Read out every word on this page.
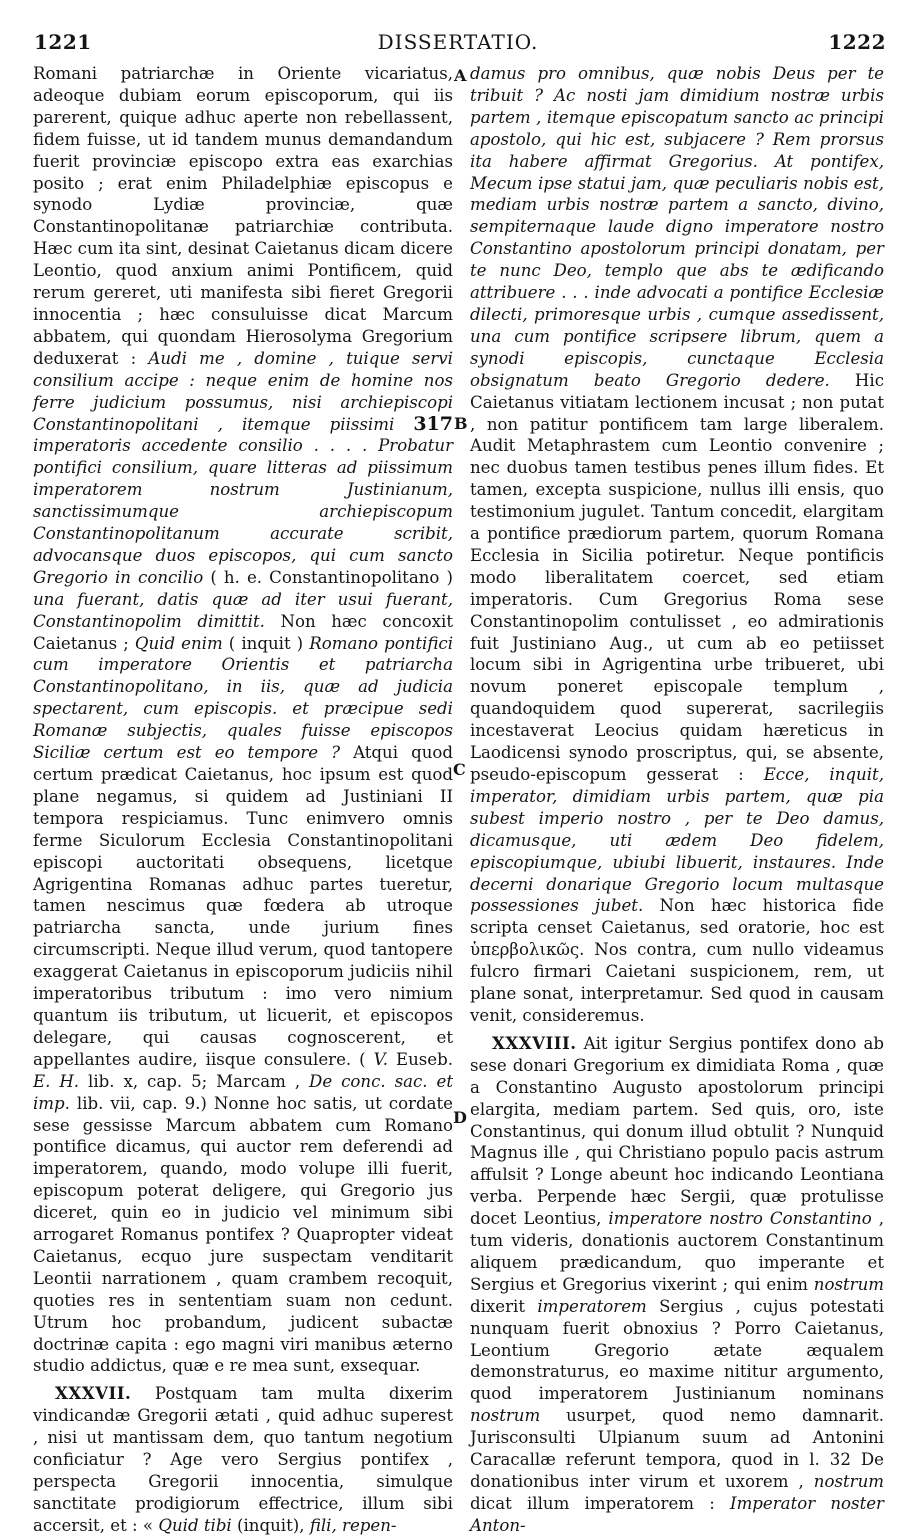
1221	DISSERTATIO.	1222

Romani patriarchæ in Oriente vicariatus, adeoque dubiam eorum episcoporum, qui iis parerent, quique adhuc aperte non rebellassent, fidem fuisse, ut id tandem munus demandandum fuerit provinciæ episcopo extra eas exarchias posito ; erat enim Philadelphiæ episcopus e synodo Lydiæ provinciæ, quæ Constantinopolitanæ patriarchiæ contributa. Hæc cum ita sint, desinat Caietanus dicam dicere Leontio, quod anxium animi Pontificem, quid rerum gereret, uti manifesta sibi fieret Gregorii innocentia ; hæc consuluisse dicat Marcum abbatem, qui quondam Hierosolyma Gregorium deduxerat : Audi me , domine , tuique servi consilium accipe : neque enim de homine nos ferre judicium possumus, nisi archiepiscopi Constantinopolitani , itemque piissimi 317 imperatoris accedente consilio . . . . Probatur pontifici consilium, quare litteras ad piissimum imperatorem nostrum Justinianum, sanctissimumque archiepiscopum Constantinopolitanum accurate scribit, advocansque duos episcopos, qui cum sancto Gregorio in concilio ( h. e. Constantinopolitano ) una fuerant, datis quæ ad iter usui fuerant, Constantinopolim dimittit. Non hæc concoxit Caietanus ; Quid enim ( inquit ) Romano pontifici cum imperatore Orientis et patriarcha Constantinopolitano, in iis, quæ ad judicia spectarent, cum episcopis. et præcipue sedi Romanæ subjectis, quales fuisse episcopos Siciliæ certum est eo tempore ? Atqui quod certum prædicat Caietanus, hoc ipsum est quod plane negamus, si quidem ad Justiniani II tempora respiciamus. Tunc enimvero omnis ferme Siculorum Ecclesia Constantinopolitani episcopi auctoritati obsequens, licetque Agrigentina Romanas adhuc partes tueretur, tamen nescimus quæ fœdera ab utroque patriarcha sancta, unde jurium fines circumscripti. Neque illud verum, quod tantopere exaggerat Caietanus in episcoporum judiciis nihil imperatoribus tributum : imo vero nimium quantum iis tributum, ut licuerit, et episcopos delegare, qui causas cognoscerent, et appellantes audire, iisque consulere. ( V. Euseb. E. H. lib. x, cap. 5; Marcam , De conc. sac. et imp. lib. vii, cap. 9.) Nonne hoc satis, ut cordate sese gessisse Marcum abbatem cum Romano pontifice dicamus, qui auctor rem deferendi ad imperatorem, quando, modo volupe illi fuerit, episcopum poterat deligere, qui Gregorio jus diceret, quin eo in judicio vel minimum sibi arrogaret Romanus pontifex ? Quapropter videat Caietanus, ecquo jure suspectam venditarit Leontii narrationem , quam crambem recoquit, quoties res in sententiam suam non cedunt. Utrum hoc probandum, judicent subactæ doctrinæ capita : ego magni viri manibus æterno studio addictus, quæ e re mea sunt, exsequar.

XXXVII. Postquam tam multa dixerim vindicandæ Gregorii ætati , quid adhuc superest , nisi ut mantissam dem, quo tantum negotium conficiatur ? Age vero Sergius pontifex , perspecta Gregorii innocentia, simulque sanctitate prodigiorum effectrice, illum sibi accersit, et : « Quid tibi (inquit), fili, repen-

damus pro omnibus, quæ nobis Deus per te tribuit ? Ac nosti jam dimidium nostræ urbis partem , itemque episcopatum sancto ac principi apostolo, qui hic est, subjacere ? Rem prorsus ita habere affirmat Gregorius. At pontifex, Mecum ipse statui jam, quæ peculiaris nobis est, mediam urbis nostræ partem a sancto, divino, sempiternaque laude digno imperatore nostro Constantino apostolorum principi donatam, per te nunc Deo, templo que abs te ædificando attribuere . . . inde advocati a pontifice Ecclesiæ dilecti, primoresque urbis , cumque assedissent, una cum pontifice scripsere librum, quem a synodi episcopis, cunctaque Ecclesia obsignatum beato Gregorio dedere. Hic Caietanus vitiatam lectionem incusat ; non putat , non patitur pontificem tam large liberalem. Audit Metaphrastem cum Leontio convenire ; nec duobus tamen testibus penes illum fides. Et tamen, excepta suspicione, nullus illi ensis, quo testimonium jugulet. Tantum concedit, elargitam a pontifice prædiorum partem, quorum Romana Ecclesia in Sicilia potiretur. Neque pontificis modo liberalitatem coercet, sed etiam imperatoris. Cum Gregorius Roma sese Constantinopolim contulisset , eo admirationis fuit Justiniano Aug., ut cum ab eo petiisset locum sibi in Agrigentina urbe tribueret, ubi novum poneret episcopale templum , quandoquidem quod supererat, sacrilegiis incestaverat Leocius quidam hæreticus in Laodicensi synodo proscriptus, qui, se absente, pseudo-episcopum gesserat : Ecce, inquit, imperator, dimidiam urbis partem, quæ pia subest imperio nostro , per te Deo damus, dicamusque, uti ædem Deo fidelem, episcopiumque, ubiubi libuerit, instaures. Inde decerni donarique Gregorio locum multasque possessiones jubet. Non hæc historica fide scripta censet Caietanus, sed oratorie, hoc est ὑπερβολικῶς. Nos contra, cum nullo videamus fulcro firmari Caietani suspicionem, rem, ut plane sonat, interpretamur. Sed quod in causam venit, consideremus.

XXXVIII. Ait igitur Sergius pontifex dono ab sese donari Gregorium ex dimidiata Roma , quæ a Constantino Augusto apostolorum principi elargita, mediam partem. Sed quis, oro, iste Constantinus, qui donum illud obtulit ? Nunquid Magnus ille , qui Christiano populo pacis astrum affulsit ? Longe abeunt hoc indicando Leontiana verba. Perpende hæc Sergii, quæ protulisse docet Leontius, imperatore nostro Constantino , tum videris, donationis auctorem Constantinum aliquem prædicandum, quo imperante et Sergius et Gregorius vixerint ; qui enim nostrum dixerit imperatorem Sergius , cujus potestati nunquam fuerit obnoxius ? Porro Caietanus, Leontium Gregorio ætate æqualem demonstraturus, eo maxime nititur argumento, quod imperatorem Justinianum nominans nostrum usurpet, quod nemo damnarit. Jurisconsulti Ulpianum suum ad Antonini Caracallæ referunt tempora, quod in l. 32 De donationibus inter virum et uxorem , nostrum dicat illum imperatorem : Imperator noster Anton-

A
B
C
D
